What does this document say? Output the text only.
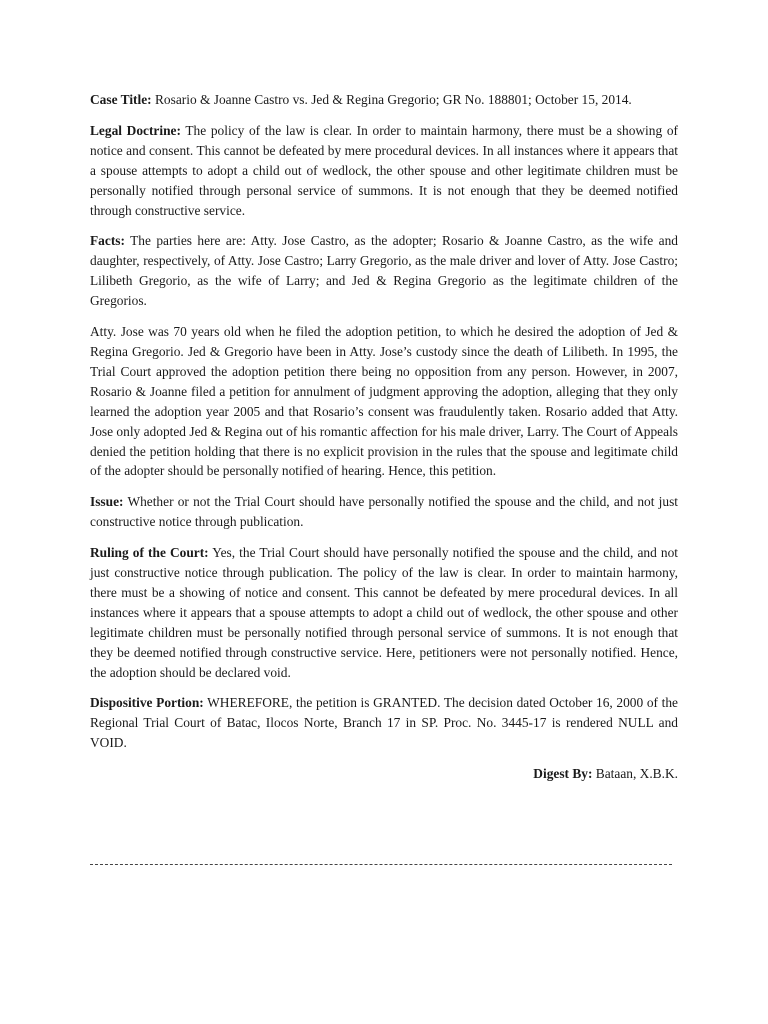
Case Title: Rosario & Joanne Castro vs. Jed & Regina Gregorio; GR No. 188801; October 15, 2014.

Legal Doctrine: The policy of the law is clear. In order to maintain harmony, there must be a showing of notice and consent. This cannot be defeated by mere procedural devices. In all instances where it appears that a spouse attempts to adopt a child out of wedlock, the other spouse and other legitimate children must be personally notified through personal service of summons. It is not enough that they be deemed notified through constructive service.

Facts: The parties here are: Atty. Jose Castro, as the adopter; Rosario & Joanne Castro, as the wife and daughter, respectively, of Atty. Jose Castro; Larry Gregorio, as the male driver and lover of Atty. Jose Castro; Lilibeth Gregorio, as the wife of Larry; and Jed & Regina Gregorio as the legitimate children of the Gregorios.

Atty. Jose was 70 years old when he filed the adoption petition, to which he desired the adoption of Jed & Regina Gregorio. Jed & Gregorio have been in Atty. Jose’s custody since the death of Lilibeth. In 1995, the Trial Court approved the adoption petition there being no opposition from any person. However, in 2007, Rosario & Joanne filed a petition for annulment of judgment approving the adoption, alleging that they only learned the adoption year 2005 and that Rosario’s consent was fraudulently taken. Rosario added that Atty. Jose only adopted Jed & Regina out of his romantic affection for his male driver, Larry. The Court of Appeals denied the petition holding that there is no explicit provision in the rules that the spouse and legitimate child of the adopter should be personally notified of hearing. Hence, this petition.

Issue: Whether or not the Trial Court should have personally notified the spouse and the child, and not just constructive notice through publication.

Ruling of the Court: Yes, the Trial Court should have personally notified the spouse and the child, and not just constructive notice through publication. The policy of the law is clear. In order to maintain harmony, there must be a showing of notice and consent. This cannot be defeated by mere procedural devices. In all instances where it appears that a spouse attempts to adopt a child out of wedlock, the other spouse and other legitimate children must be personally notified through personal service of summons. It is not enough that they be deemed notified through constructive service. Here, petitioners were not personally notified. Hence, the adoption should be declared void.

Dispositive Portion: WHEREFORE, the petition is GRANTED. The decision dated October 16, 2000 of the Regional Trial Court of Batac, Ilocos Norte, Branch 17 in SP. Proc. No. 3445-17 is rendered NULL and VOID.

Digest By: Bataan, X.B.K.
